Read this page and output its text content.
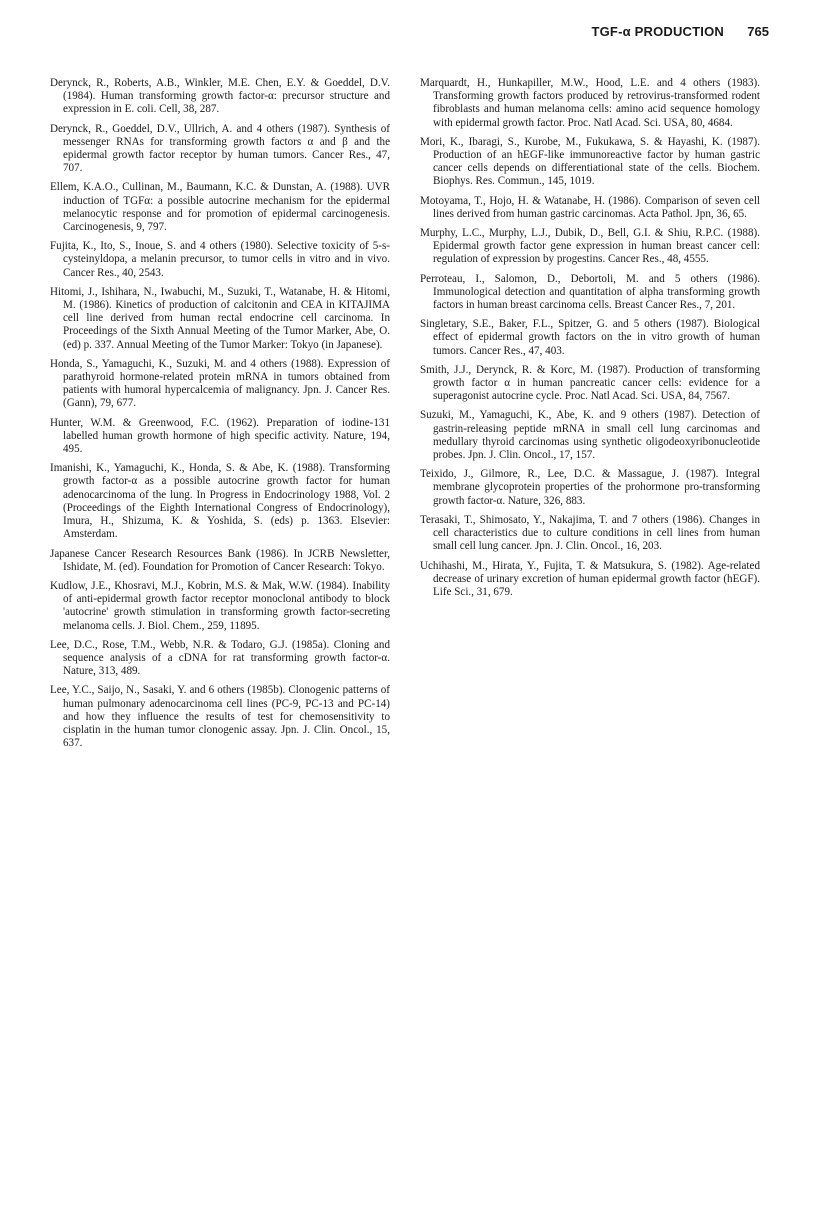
TGF-α PRODUCTION 765

Derynck, R., Roberts, A.B., Winkler, M.E. Chen, E.Y. & Goeddel, D.V. (1984). Human transforming growth factor-α: precursor structure and expression in E. coli. Cell, 38, 287.

Derynck, R., Goeddel, D.V., Ullrich, A. and 4 others (1987). Synthesis of messenger RNAs for transforming growth factors α and β and the epidermal growth factor receptor by human tumors. Cancer Res., 47, 707.

Ellem, K.A.O., Cullinan, M., Baumann, K.C. & Dunstan, A. (1988). UVR induction of TGFα: a possible autocrine mechanism for the epidermal melanocytic response and for promotion of epidermal carcinogenesis. Carcinogenesis, 9, 797.

Fujita, K., Ito, S., Inoue, S. and 4 others (1980). Selective toxicity of 5-s-cysteinyldopa, a melanin precursor, to tumor cells in vitro and in vivo. Cancer Res., 40, 2543.

Hitomi, J., Ishihara, N., Iwabuchi, M., Suzuki, T., Watanabe, H. & Hitomi, M. (1986). Kinetics of production of calcitonin and CEA in KITAJIMA cell line derived from human rectal endocrine cell carcinoma. In Proceedings of the Sixth Annual Meeting of the Tumor Marker, Abe, O. (ed) p. 337. Annual Meeting of the Tumor Marker: Tokyo (in Japanese).

Honda, S., Yamaguchi, K., Suzuki, M. and 4 others (1988). Expression of parathyroid hormone-related protein mRNA in tumors obtained from patients with humoral hypercalcemia of malignancy. Jpn. J. Cancer Res. (Gann), 79, 677.

Hunter, W.M. & Greenwood, F.C. (1962). Preparation of iodine-131 labelled human growth hormone of high specific activity. Nature, 194, 495.

Imanishi, K., Yamaguchi, K., Honda, S. & Abe, K. (1988). Transforming growth factor-α as a possible autocrine growth factor for human adenocarcinoma of the lung. In Progress in Endocrinology 1988, Vol. 2 (Proceedings of the Eighth International Congress of Endocrinology), Imura, H., Shizuma, K. & Yoshida, S. (eds) p. 1363. Elsevier: Amsterdam.

Japanese Cancer Research Resources Bank (1986). In JCRB Newsletter, Ishidate, M. (ed). Foundation for Promotion of Cancer Research: Tokyo.

Kudlow, J.E., Khosravi, M.J., Kobrin, M.S. & Mak, W.W. (1984). Inability of anti-epidermal growth factor receptor monoclonal antibody to block 'autocrine' growth stimulation in transforming growth factor-secreting melanoma cells. J. Biol. Chem., 259, 11895.

Lee, D.C., Rose, T.M., Webb, N.R. & Todaro, G.J. (1985a). Cloning and sequence analysis of a cDNA for rat transforming growth factor-α. Nature, 313, 489.

Lee, Y.C., Saijo, N., Sasaki, Y. and 6 others (1985b). Clonogenic patterns of human pulmonary adenocarcinoma cell lines (PC-9, PC-13 and PC-14) and how they influence the results of test for chemosensitivity to cisplatin in the human tumor clonogenic assay. Jpn. J. Clin. Oncol., 15, 637.

Marquardt, H., Hunkapiller, M.W., Hood, L.E. and 4 others (1983). Transforming growth factors produced by retrovirus-transformed rodent fibroblasts and human melanoma cells: amino acid sequence homology with epidermal growth factor. Proc. Natl Acad. Sci. USA, 80, 4684.

Mori, K., Ibaragi, S., Kurobe, M., Fukukawa, S. & Hayashi, K. (1987). Production of an hEGF-like immunoreactive factor by human gastric cancer cells depends on differentiational state of the cells. Biochem. Biophys. Res. Commun., 145, 1019.

Motoyama, T., Hojo, H. & Watanabe, H. (1986). Comparison of seven cell lines derived from human gastric carcinomas. Acta Pathol. Jpn, 36, 65.

Murphy, L.C., Murphy, L.J., Dubik, D., Bell, G.I. & Shiu, R.P.C. (1988). Epidermal growth factor gene expression in human breast cancer cell: regulation of expression by progestins. Cancer Res., 48, 4555.

Perroteau, I., Salomon, D., Debortoli, M. and 5 others (1986). Immunological detection and quantitation of alpha transforming growth factors in human breast carcinoma cells. Breast Cancer Res., 7, 201.

Singletary, S.E., Baker, F.L., Spitzer, G. and 5 others (1987). Biological effect of epidermal growth factors on the in vitro growth of human tumors. Cancer Res., 47, 403.

Smith, J.J., Derynck, R. & Korc, M. (1987). Production of transforming growth factor α in human pancreatic cancer cells: evidence for a superagonist autocrine cycle. Proc. Natl Acad. Sci. USA, 84, 7567.

Suzuki, M., Yamaguchi, K., Abe, K. and 9 others (1987). Detection of gastrin-releasing peptide mRNA in small cell lung carcinomas and medullary thyroid carcinomas using synthetic oligodeoxyribonucleotide probes. Jpn. J. Clin. Oncol., 17, 157.

Teixido, J., Gilmore, R., Lee, D.C. & Massague, J. (1987). Integral membrane glycoprotein properties of the prohormone pro-transforming growth factor-α. Nature, 326, 883.

Terasaki, T., Shimosato, Y., Nakajima, T. and 7 others (1986). Changes in cell characteristics due to culture conditions in cell lines from human small cell lung cancer. Jpn. J. Clin. Oncol., 16, 203.

Uchihashi, M., Hirata, Y., Fujita, T. & Matsukura, S. (1982). Age-related decrease of urinary excretion of human epidermal growth factor (hEGF). Life Sci., 31, 679.
